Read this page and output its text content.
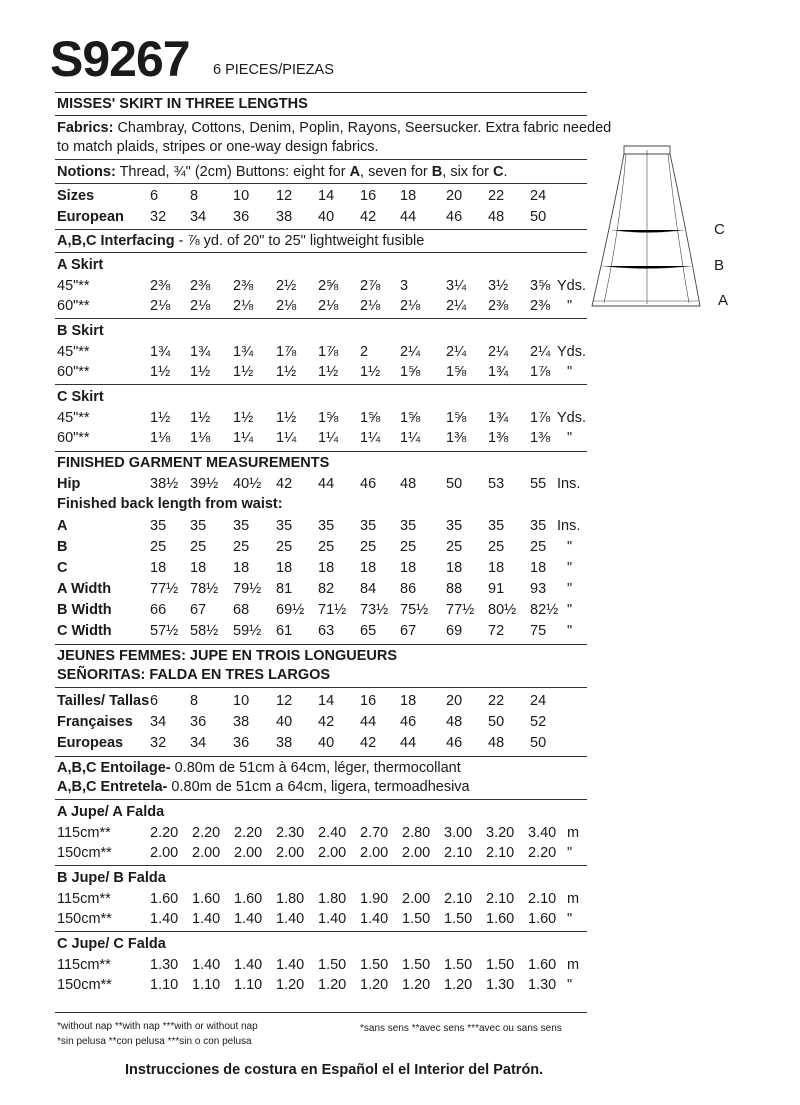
S9267 6 PIECES/PIEZAS
MISSES' SKIRT IN THREE LENGTHS
Fabrics: Chambray, Cottons, Denim, Poplin, Rayons, Seersucker. Extra fabric needed
to match plaids, stripes or one-way design fabrics.
Notions: Thread, ¾" (2cm) Buttons: eight for A, seven for B, six for C.
Sizes	6 8 10 12 14 16 18 20 22 24
European 32 34 36 38 40 42 44 46 48 50
A,B,C Interfacing - ⅞ yd. of 20" to 25" lightweight fusible
A Skirt
45"**	2⅜ 2⅜ 2⅜ 2½ 2⅝ 2⅞ 3	3¼ 3½ 3⅝ Yds.
60"**	2⅛ 2⅛ 2⅛ 2⅛ 2⅛ 2⅛ 2⅛ 2¼ 2⅜ 2⅜ "
B Skirt
45"**	1¾ 1¾ 1¾ 1⅞ 1⅞ 2 2¼ 2¼ 2¼ 2¼ Yds.
60"**	1½ 1½ 1½ 1½ 1½ 1½ 1⅝ 1⅝ 1¾ 1⅞ "
C Skirt
45"**	1½ 1½ 1½ 1½ 1⅝ 1⅝ 1⅝ 1⅝ 1¾ 1⅞ Yds.
60"**	1⅛ 1⅛ 1¼ 1¼ 1¼ 1¼ 1¼ 1⅜ 1⅜ 1⅜ "
FINISHED GARMENT MEASUREMENTS
Hip	38½ 39½ 40½ 42 44 46 48 50 53 55 Ins.
Finished back length from waist:
A	35 35 35 35 35 35 35 35 35 35 Ins.
B	25 25 25 25 25 25 25 25 25 25 "
C	18 18 18 18 18 18 18 18 18 18 "
A Width	77½ 78½ 79½ 81 82 84 86 88 91 93 "
B Width	66 67 68 69½ 71½ 73½ 75½ 77½ 80½ 82½ "
C Width	57½ 58½ 59½ 61 63 65 67 69 72 75 "
JEUNES FEMMES: JUPE EN TROIS LONGUEURS
SEÑORITAS: FALDA EN TRES LARGOS
Tailles/ Tallas 6 8 10 12 14 16 18 20 22 24
Françaises 34 36 38 40 42 44 46 48 50 52
Europeas 32 34 36 38 40 42 44 46 48 50
A,B,C Entoilage- 0.80m de 51cm à 64cm, léger, thermocollant
A,B,C Entretela- 0.80m de 51cm a 64cm, ligera, termoadhesiva
A Jupe/ A Falda
115cm**	2.20 2.20 2.20 2.30 2.40 2.70 2.80 3.00 3.20 3.40 m
150cm**	2.00 2.00 2.00 2.00 2.00 2.00 2.00 2.10 2.10 2.20 "
B Jupe/ B Falda
115cm**	1.60 1.60 1.60 1.80 1.80 1.90 2.00 2.10 2.10 2.10 m
150cm**	1.40 1.40 1.40 1.40 1.40 1.40 1.50 1.50 1.60 1.60 "
C Jupe/ C Falda
115cm**	1.30 1.40 1.40 1.40 1.50 1.50 1.50 1.50 1.50 1.60 m
150cm**	1.10 1.10 1.10 1.20 1.20 1.20 1.20 1.20 1.30 1.30 "
C
B
A
*without nap **with nap ***with or without nap
*sin pelusa **con pelusa ***sin o con pelusa
*sans sens **avec sens ***avec ou sans sens
Instrucciones de costura en Español el el Interior del Patrón.
